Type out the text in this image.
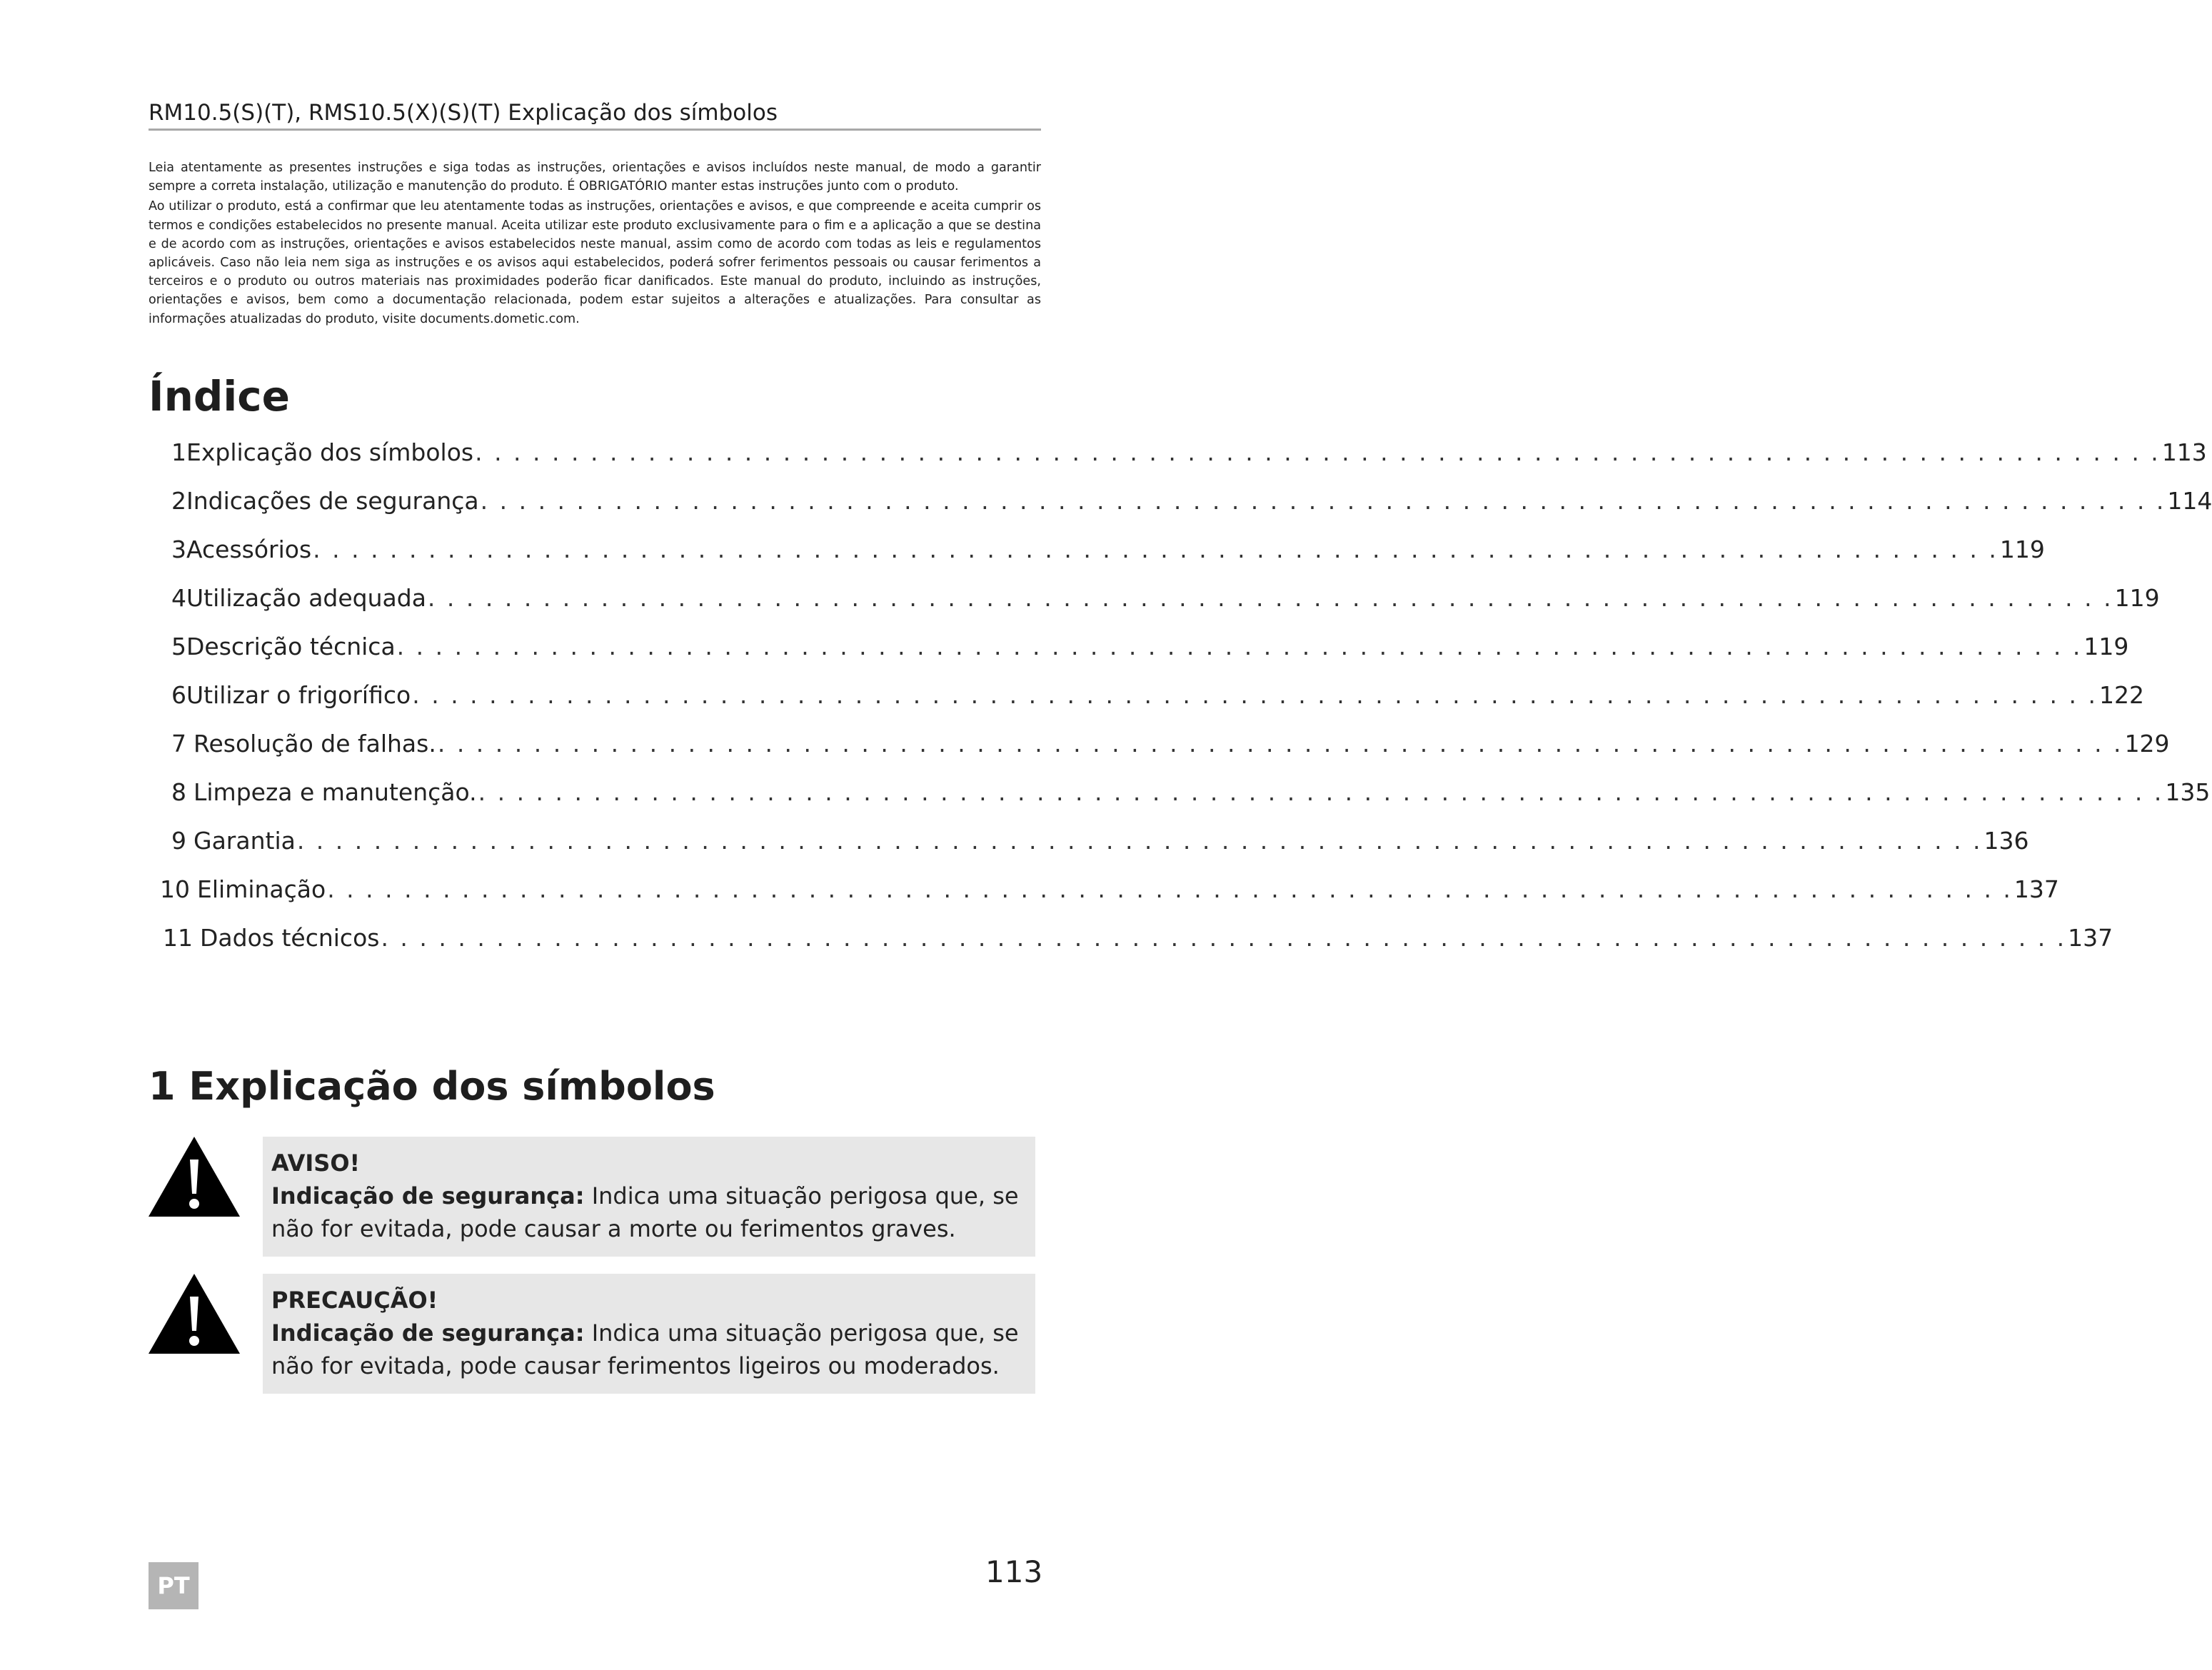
RM10.5(S)(T), RMS10.5(X)(S)(T) Explicação dos símbolos

Leia atentamente as presentes instruções e siga todas as instruções, orientações e avisos incluídos neste manual, de modo a garantir sempre a correta instalação, utilização e manutenção do produto. É OBRIGATÓRIO manter estas instruções junto com o produto.

Ao utilizar o produto, está a confirmar que leu atentamente todas as instruções, orientações e avisos, e que compreende e aceita cumprir os termos e condições estabelecidos no presente manual. Aceita utilizar este produto exclusivamente para o fim e a aplicação a que se destina e de acordo com as instruções, orientações e avisos estabelecidos neste manual, assim como de acordo com todas as leis e regulamentos aplicáveis. Caso não leia nem siga as instruções e os avisos aqui estabelecidos, poderá sofrer ferimentos pessoais ou causar ferimentos a terceiros e o produto ou outros materiais nas proximidades poderão ficar danificados. Este manual do produto, incluindo as instruções, orientações e avisos, bem como a documentação relacionada, podem estar sujeitos a alterações e atualizações. Para consultar as informações atualizadas do produto, visite documents.dometic.com.

Índice
1 Explicação dos símbolos . . . . . . . . . . . . . . . . . . . . . . . . . . . . . . . . . . . . . . . . . . . . . . . . . . . . . . . . . . . . . . . . . . . . . . . . . . . . . . . . . . . . . . . . 113
2 Indicações de segurança . . . . . . . . . . . . . . . . . . . . . . . . . . . . . . . . . . . . . . . . . . . . . . . . . . . . . . . . . . . . . . . . . . . . . . . . . . . . . . . . . . . . . . . . 114
3 Acessórios . . . . . . . . . . . . . . . . . . . . . . . . . . . . . . . . . . . . . . . . . . . . . . . . . . . . . . . . . . . . . . . . . . . . . . . . . . . . . . . . . . . . . . . . 119
4 Utilização adequada . . . . . . . . . . . . . . . . . . . . . . . . . . . . . . . . . . . . . . . . . . . . . . . . . . . . . . . . . . . . . . . . . . . . . . . . . . . . . . . . . . . . . . . . 119
5 Descrição técnica . . . . . . . . . . . . . . . . . . . . . . . . . . . . . . . . . . . . . . . . . . . . . . . . . . . . . . . . . . . . . . . . . . . . . . . . . . . . . . . . . . . . . . . . 119
6 Utilizar o frigorífico . . . . . . . . . . . . . . . . . . . . . . . . . . . . . . . . . . . . . . . . . . . . . . . . . . . . . . . . . . . . . . . . . . . . . . . . . . . . . . . . . . . . . . . . 122
7 Resolução de falhas. . . . . . . . . . . . . . . . . . . . . . . . . . . . . . . . . . . . . . . . . . . . . . . . . . . . . . . . . . . . . . . . . . . . . . . . . . . . . . . . . . . . . . . . . 129
8 Limpeza e manutenção. . . . . . . . . . . . . . . . . . . . . . . . . . . . . . . . . . . . . . . . . . . . . . . . . . . . . . . . . . . . . . . . . . . . . . . . . . . . . . . . . . . . . . . . . 135
9 Garantia . . . . . . . . . . . . . . . . . . . . . . . . . . . . . . . . . . . . . . . . . . . . . . . . . . . . . . . . . . . . . . . . . . . . . . . . . . . . . . . . . . . . . . . . 136
10 Eliminação . . . . . . . . . . . . . . . . . . . . . . . . . . . . . . . . . . . . . . . . . . . . . . . . . . . . . . . . . . . . . . . . . . . . . . . . . . . . . . . . . . . . . . . . 137
11 Dados técnicos . . . . . . . . . . . . . . . . . . . . . . . . . . . . . . . . . . . . . . . . . . . . . . . . . . . . . . . . . . . . . . . . . . . . . . . . . . . . . . . . . . . . . . . . 137
1 Explicação dos símbolos
AVISO!
Indicação de segurança: Indica uma situação perigosa que, se não for evitada, pode causar a morte ou ferimentos graves.
PRECAUÇÃO!
Indicação de segurança: Indica uma situação perigosa que, se não for evitada, pode causar ferimentos ligeiros ou moderados.
PT	113
